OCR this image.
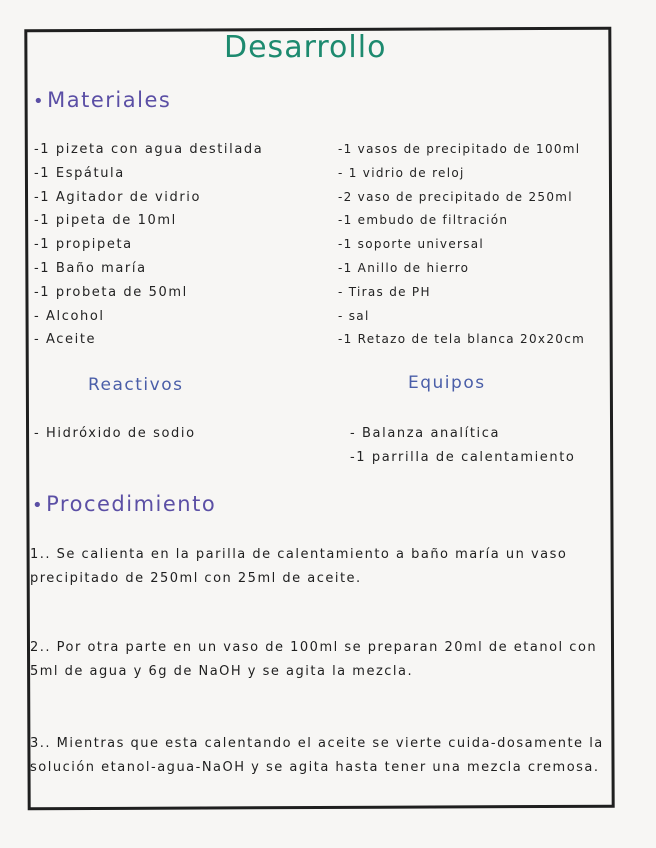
Desarrollo
•Materiales
-1 pizeta con agua destilada
-1 Espátula
-1 Agitador de vidrio
-1 pipeta de 10ml
-1 propipeta
-1 Baño maría
-1 probeta de 50ml
- Alcohol
- Aceite
-1 vasos de precipitado de 100ml
- 1 vidrio de reloj
-2 vaso de precipitado de 250ml
-1 embudo de filtración
-1 soporte universal
-1 Anillo de hierro
- Tiras de PH
- sal
-1 Retazo de tela blanca 20x20cm
Reactivos	Equipos
- Hidróxido de sodio	- Balanza analítica
-1 parrilla de calentamiento
•Procedimiento

1.. Se calienta en la parilla de calentamiento a baño maría un vaso precipitado de 250ml con 25ml de aceite.

2.. Por otra parte en un vaso de 100ml se preparan 20ml de etanol con 5ml de agua y 6g de NaOH y se agita la mezcla.

3.. Mientras que esta calentando el aceite se vierte cuida-dosamente la solución etanol-agua-NaOH y se agita hasta tener una mezcla cremosa.
